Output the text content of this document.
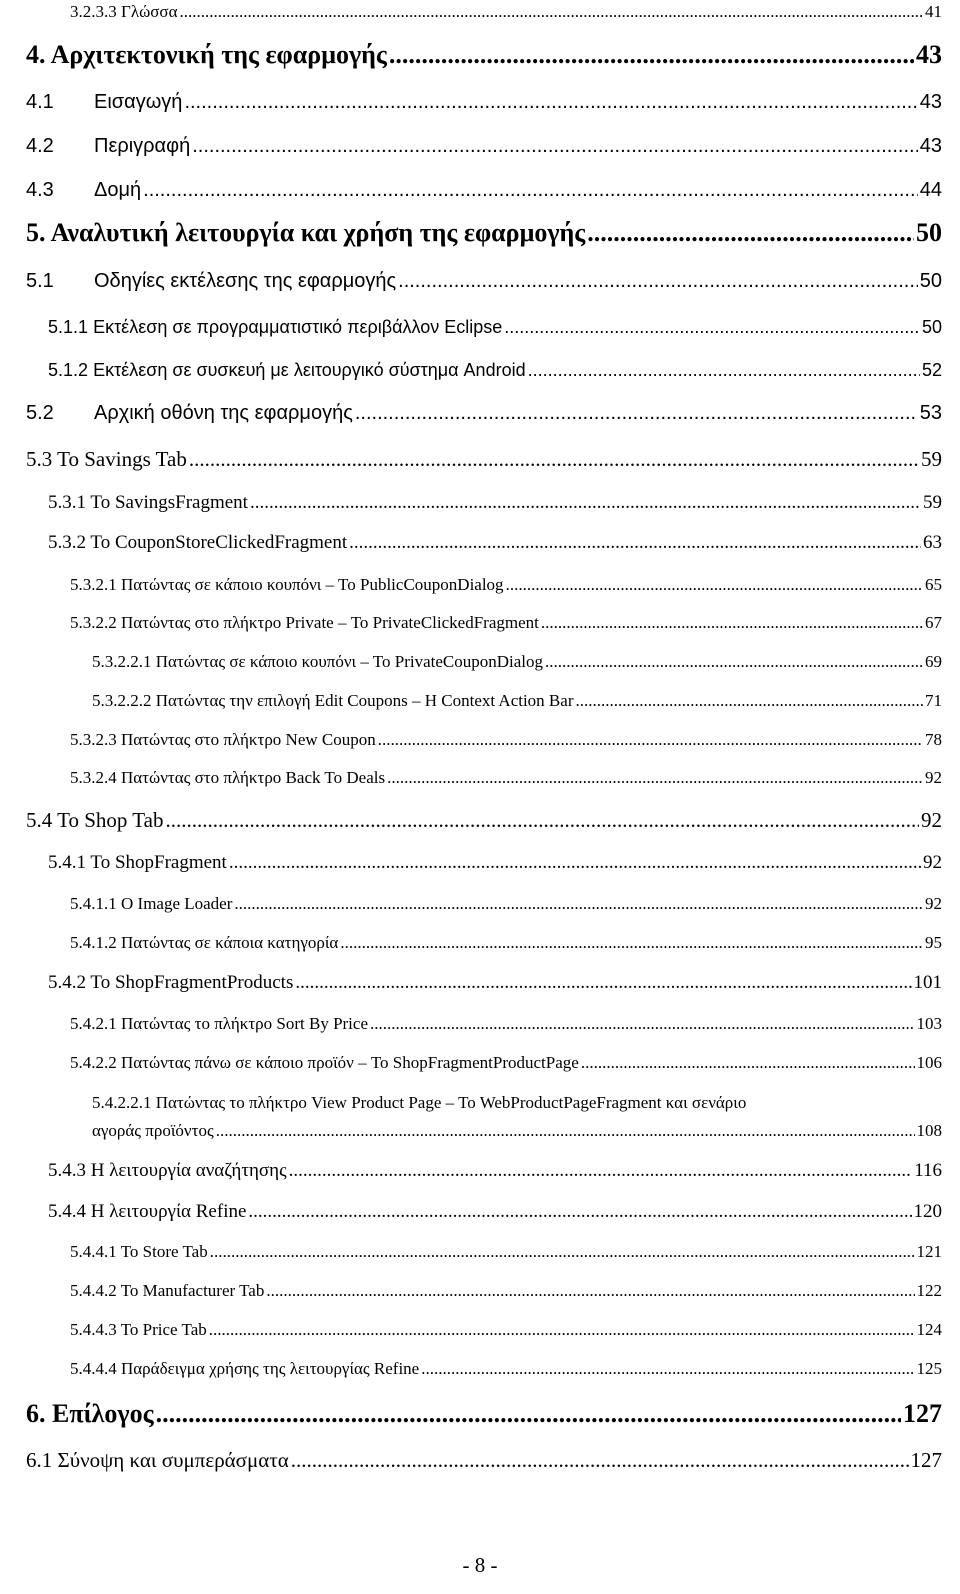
3.2.3.3 Γλώσσα .....	41
4. Αρχιτεκτονική της εφαρμογής .....	43
4.1 Εισαγωγή .....	43
4.2 Περιγραφή .....	43
4.3 Δομή .....	44
5. Αναλυτική λειτουργία και χρήση της εφαρμογής .....	50
5.1 Οδηγίες εκτέλεσης της εφαρμογής .....	50
5.1.1 Εκτέλεση σε προγραμματιστικό περιβάλλον Eclipse .....	50
5.1.2 Εκτέλεση σε συσκευή με λειτουργικό σύστημα Android .....	52
5.2 Αρχική οθόνη της εφαρμογής .....	53
5.3 Το Savings Tab .....	59
5.3.1 To SavingsFragment .....	59
5.3.2 To CouponStoreClickedFragment .....	63
5.3.2.1 Πατώντας σε κάποιο κουπόνι – Το PublicCouponDialog .....	65
5.3.2.2 Πατώντας στο πλήκτρο Private – Το PrivateClickedFragment .....	67
5.3.2.2.1 Πατώντας σε κάποιο κουπόνι – Το PrivateCouponDialog .....	69
5.3.2.2.2 Πατώντας την επιλογή Edit Coupons – H Context Action Bar .....	71
5.3.2.3 Πατώντας στο πλήκτρο New Coupon .....	78
5.3.2.4 Πατώντας στο πλήκτρο Back To Deals .....	92
5.4 Το Shop Tab .....	92
5.4.1 To ShopFragment .....	92
5.4.1.1 O Image Loader .....	92
5.4.1.2 Πατώντας σε κάποια κατηγορία .....	95
5.4.2 To ShopFragmentProducts .....	101
5.4.2.1 Πατώντας το πλήκτρο Sort By Price .....	103
5.4.2.2 Πατώντας πάνω σε κάποιο προϊόν – To ShopFragmentProductPage .....	106
5.4.2.2.1 Πατώντας το πλήκτρο View Product Page – To WebProductPageFragment και σενάριο
αγοράς προϊόντος .....	108
5.4.3 Η λειτουργία αναζήτησης .....	116
5.4.4 Η λειτουργία Refine .....	120
5.4.4.1 To Store Tab .....	121
5.4.4.2 To Manufacturer Tab .....	122
5.4.4.3 To Price Tab .....	124
5.4.4.4 Παράδειγμα χρήσης της λειτουργίας Refine .....	125
6. Επίλογος .....	127
6.1 Σύνοψη και συμπεράσματα .....	127
- 8 -
